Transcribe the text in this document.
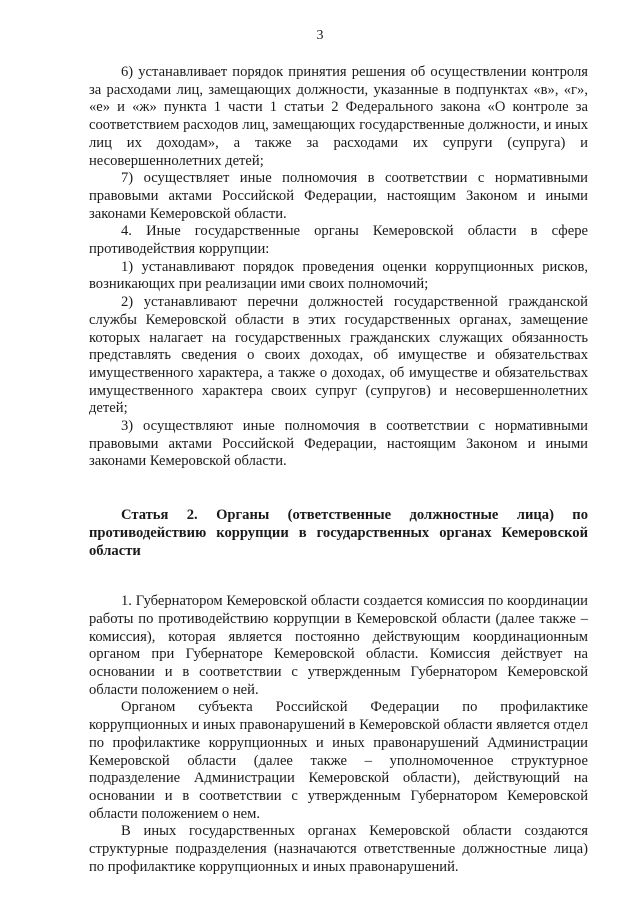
3

6) устанавливает порядок принятия решения об осуществлении контроля за расходами лиц, замещающих должности, указанные в подпунктах «в», «г», «е» и «ж» пункта 1 части 1 статьи 2 Федерального закона «О контроле за соответствием расходов лиц, замещающих государственные должности, и иных лиц их доходам», а также за расходами их супруги (супруга) и несовершеннолетних детей;

7) осуществляет иные полномочия в соответствии с нормативными правовыми актами Российской Федерации, настоящим Законом и иными законами Кемеровской области.

4. Иные государственные органы Кемеровской области в сфере противодействия коррупции:

1) устанавливают порядок проведения оценки коррупционных рисков, возникающих при реализации ими своих полномочий;

2) устанавливают перечни должностей государственной гражданской службы Кемеровской области в этих государственных органах, замещение которых налагает на государственных гражданских служащих обязанность представлять сведения о своих доходах, об имуществе и обязательствах имущественного характера, а также о доходах, об имуществе и обязательствах имущественного характера своих супруг (супругов) и несовершеннолетних детей;

3) осуществляют иные полномочия в соответствии с нормативными правовыми актами Российской Федерации, настоящим Законом и иными законами Кемеровской области.

Статья 2. Органы (ответственные должностные лица) по противодействию коррупции в государственных органах Кемеровской области

1. Губернатором Кемеровской области создается комиссия по координации работы по противодействию коррупции в Кемеровской области (далее также – комиссия), которая является постоянно действующим координационным органом при Губернаторе Кемеровской области. Комиссия действует на основании и в соответствии с утвержденным Губернатором Кемеровской области положением о ней.

Органом субъекта Российской Федерации по профилактике коррупционных и иных правонарушений в Кемеровской области является отдел по профилактике коррупционных и иных правонарушений Администрации Кемеровской области (далее также – уполномоченное структурное подразделение Администрации Кемеровской области), действующий на основании и в соответствии с утвержденным Губернатором Кемеровской области положением о нем.

В иных государственных органах Кемеровской области создаются структурные подразделения (назначаются ответственные должностные лица) по профилактике коррупционных и иных правонарушений.
